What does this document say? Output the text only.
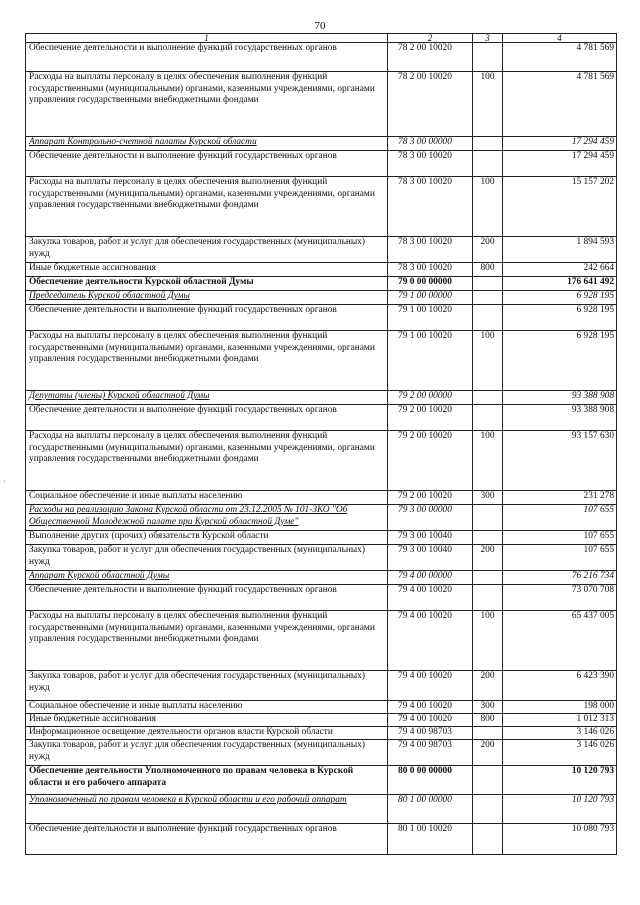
70
1	2	3	4
Обеспечение деятельности и выполнение функций государственных органов	78 2 00 10020		4 781 569
Расходы на выплаты персоналу в целях обеспечения выполнения функций государственными (муниципальными) органами, казенными учреждениями, органами управления государственными внебюджетными фондами	78 2 00 10020	100	4 781 569
Аппарат Контрольно-счетной палаты Курской области	78 3 00 00000		17 294 459
Обеспечение деятельности и выполнение функций государственных органов	78 3 00 10020		17 294 459
Расходы на выплаты персоналу в целях обеспечения выполнения функций государственными (муниципальными) органами, казенными учреждениями, органами управления государственными внебюджетными фондами	78 3 00 10020	100	15 157 202
Закупка товаров, работ и услуг для обеспечения государственных (муниципальных) нужд	78 3 00 10020	200	1 894 593
Иные бюджетные ассигнования	78 3 00 10020	800	242 664
Обеспечение деятельности Курской областной Думы	79 0 00 00000		176 641 492
Председатель Курской областной Думы	79 1 00 00000		6 928 195
Обеспечение деятельности и выполнение функций государственных органов	79 1 00 10020		6 928 195
Расходы на выплаты персоналу в целях обеспечения выполнения функций государственными (муниципальными) органами, казенными учреждениями, органами управления государственными внебюджетными фондами	79 1 00 10020	100	6 928 195
Депутаты (члены) Курской областной Думы	79 2 00 00000		93 388 908
Обеспечение деятельности и выполнение функций государственных органов	79 2 00 10020		93 388 908
Расходы на выплаты персоналу в целях обеспечения выполнения функций государственными (муниципальными) органами, казенными учреждениями, органами управления государственными внебюджетными фондами	79 2 00 10020	100	93 157 630
Социальное обеспечение и иные выплаты населению	79 2 00 10020	300	231 278
Расходы на реализацию Закона Курской области от 23.12.2005 № 101-ЗКО "Об Общественной Молодежной палате при Курской областной Думе"	79 3 00 00000		107 655
Выполнение других (прочих) обязательств Курской области	79 3 00 10040		107 655
Закупка товаров, работ и услуг для обеспечения государственных (муниципальных) нужд	79 3 00 10040	200	107 655
Аппарат Курской областной Думы	79 4 00 00000		76 216 734
Обеспечение деятельности и выполнение функций государственных органов	79 4 00 10020		73 070 708
Расходы на выплаты персоналу в целях обеспечения выполнения функций государственными (муниципальными) органами, казенными учреждениями, органами управления государственными внебюджетными фондами	79 4 00 10020	100	65 437 005
Закупка товаров, работ и услуг для обеспечения государственных (муниципальных) нужд	79 4 00 10020	200	6 423 390
Социальное обеспечение и иные выплаты населению	79 4 00 10020	300	198 000
Иные бюджетные ассигнования	79 4 00 10020	800	1 012 313
Информационное освещение деятельности органов власти Курской области	79 4 00 98703		3 146 026
Закупка товаров, работ и услуг для обеспечения государственных (муниципальных) нужд	79 4 00 98703	200	3 146 026
Обеспечение деятельности Уполномоченного по правам человека в Курской области и его рабочего аппарата	80 0 00 00000		10 120 793
Уполномоченный по правам человека в Курской области и его рабочий аппарат	80 1 00 00000		10 120 793
Обеспечение деятельности и выполнение функций государственных органов	80 1 00 10020		10 080 793
·
